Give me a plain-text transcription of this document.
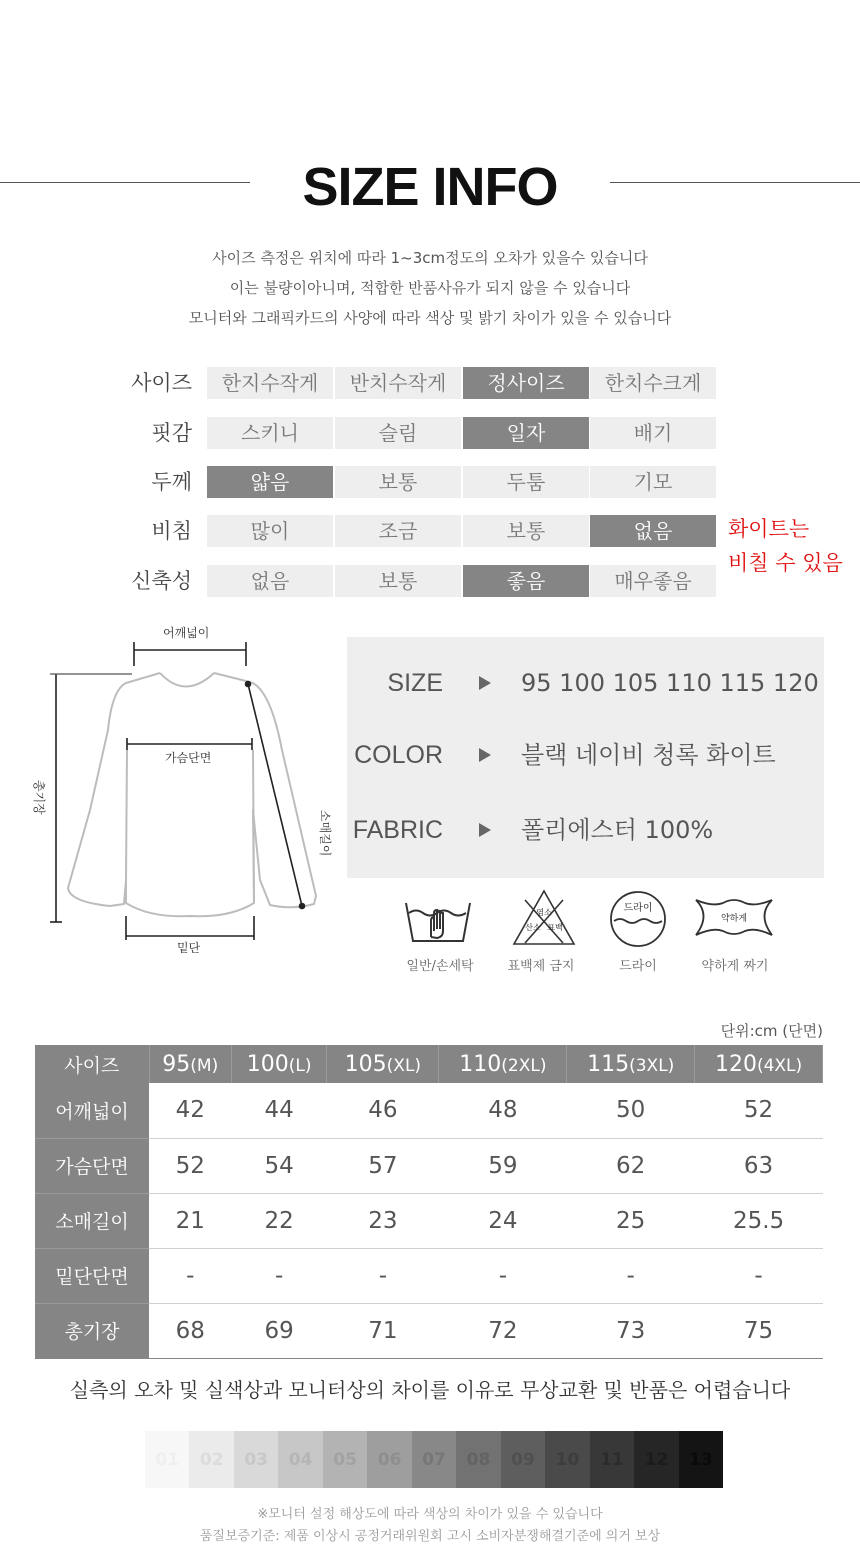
SIZE INFO
사이즈 측정은 위치에 따라 1~3cm정도의 오차가 있을수 있습니다
이는 불량이아니며, 적합한 반품사유가 되지 않을 수 있습니다
모니터와 그래픽카드의 사양에 따라 색상 및 밝기 차이가 있을 수 있습니다
사이즈	한지수작게	반치수작게	정사이즈	한치수크게
핏감	스키니	슬림	일자	배기
두께	얇음	보통	두툼	기모
비침	많이	조금	보통	없음
신축성	없음	보통	좋음	매우좋음
화이트는
비칠 수 있음
어깨넓이
가슴단면
총기장
소매길이
밑단
SIZE	95 100 105 110 115 120
COLOR	블랙 네이비 청록 화이트
FABRIC	폴리에스터 100%
염소
산소 표백
드라이
약하게
일반/손세탁	표백제 금지	드라이	약하게 짜기
단위:cm (단면)
사이즈	95(M)	100(L)	105(XL)	110(2XL)	115(3XL)	120(4XL)
어깨넓이	42	44	46	48	50	52
가슴단면	52	54	57	59	62	63
소매길이	21	22	23	24	25	25.5
밑단단면	-	-	-	-	-	-
총기장	68	69	71	72	73	75
실측의 오차 및 실색상과 모니터상의 차이를 이유로 무상교환 및 반품은 어렵습니다
01	02	03	04	05	06	07	08	09	10	11	12	13
※모니터 설정 해상도에 따라 색상의 차이가 있을 수 있습니다
품질보증기준: 제품 이상시 공정거래위원회 고시 소비자분쟁해결기준에 의거 보상
